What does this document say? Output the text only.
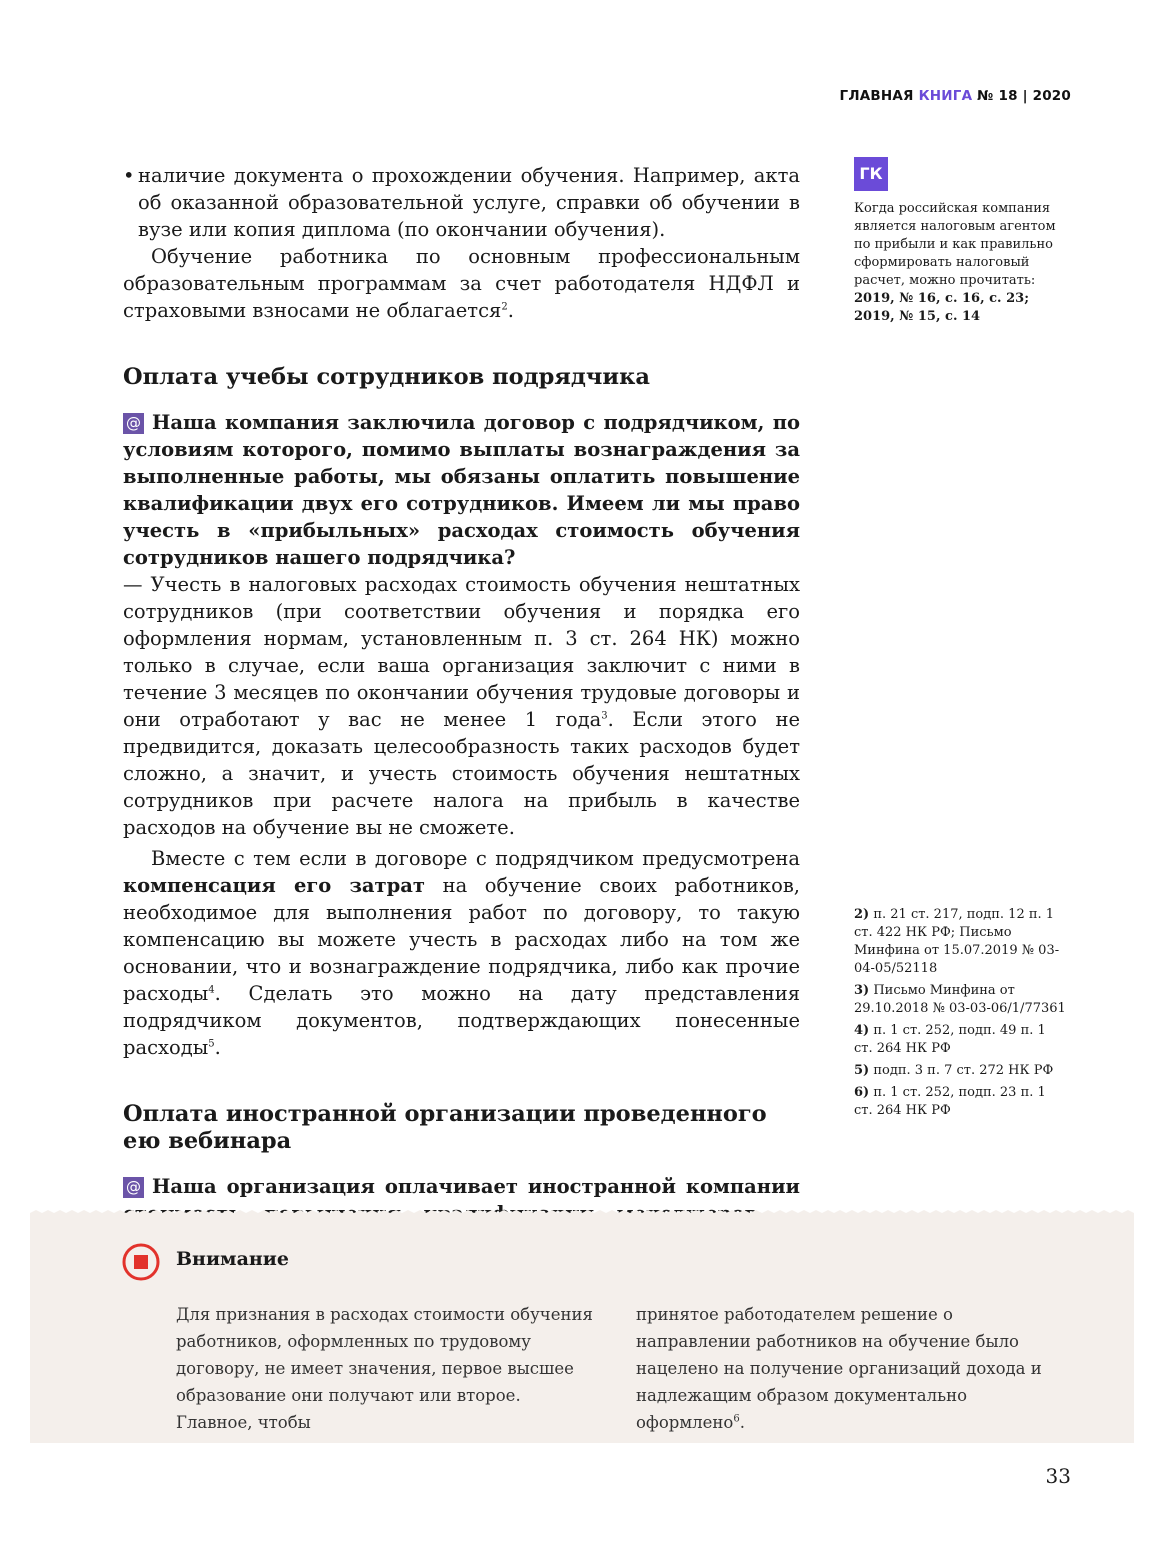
ГЛАВНАЯ КНИГА № 18 | 2020

• наличие документа о прохождении обучения. Например, акта об оказанной образовательной услуге, справки об обучении в вузе или копия диплома (по окончании обучения).

Обучение работника по основным профессиональным образовательным программам за счет работодателя НДФЛ и страховыми взносами не облагается$^2$.

Оплата учебы сотрудников подрядчика

@ Наша компания заключила договор с подрядчиком, по условиям которого, помимо выплаты вознаграждения за выполненные работы, мы обязаны оплатить повышение квалификации двух его сотрудников. Имеем ли мы право учесть в «прибыльных» расходах стоимость обучения сотрудников нашего подрядчика?

— Учесть в налоговых расходах стоимость обучения нештатных сотрудников (при соответствии обучения и порядка его оформления нормам, установленным п. 3 ст. 264 НК) можно только в случае, если ваша организация заключит с ними в течение 3 месяцев по окончании обучения трудовые договоры и они отработают у вас не менее 1 года$^3$. Если этого не предвидится, доказать целесообразность таких расходов будет сложно, а значит, и учесть стоимость обучения нештатных сотрудников при расчете налога на прибыль в качестве расходов на обучение вы не сможете.

Вместе с тем если в договоре с подрядчиком предусмотрена компенсация его затрат на обучение своих работников, необходимое для выполнения работ по договору, то такую компенсацию вы можете учесть в расходах либо на том же основании, что и вознаграждение подрядчика, либо как прочие расходы$^4$. Сделать это можно на дату представления подрядчиком документов, подтверждающих понесенные расходы$^5$.

Оплата иностранной организации проведенного ею вебинара

@ Наша организация оплачивает иностранной компании

ГК
Когда российская компания является налоговым агентом по прибыли и как правильно сформировать налоговый расчет, можно прочитать:
2019, № 16, с. 16, с. 23;
2019, № 15, с. 14

2) п. 21 ст. 217, подп. 12 п. 1 ст. 422 НК РФ; Письмо Минфина от 15.07.2019 № 03-04-05/52118

3) Письмо Минфина от 29.10.2018 № 03-03-06/1/77361

4) п. 1 ст. 252, подп. 49 п. 1 ст. 264 НК РФ

5) подп. 3 п. 7 ст. 272 НК РФ

6) п. 1 ст. 252, подп. 23 п. 1 ст. 264 НК РФ

Внимание
Для признания в расходах стоимости обучения работников, оформленных по трудовому договору, не имеет значения, первое высшее образование они получают или второе. Главное, чтобы
принятое работодателем решение о направлении работников на обучение было нацелено на получение организаций дохода и надлежащим образом документально оформлено$^6$.
33
